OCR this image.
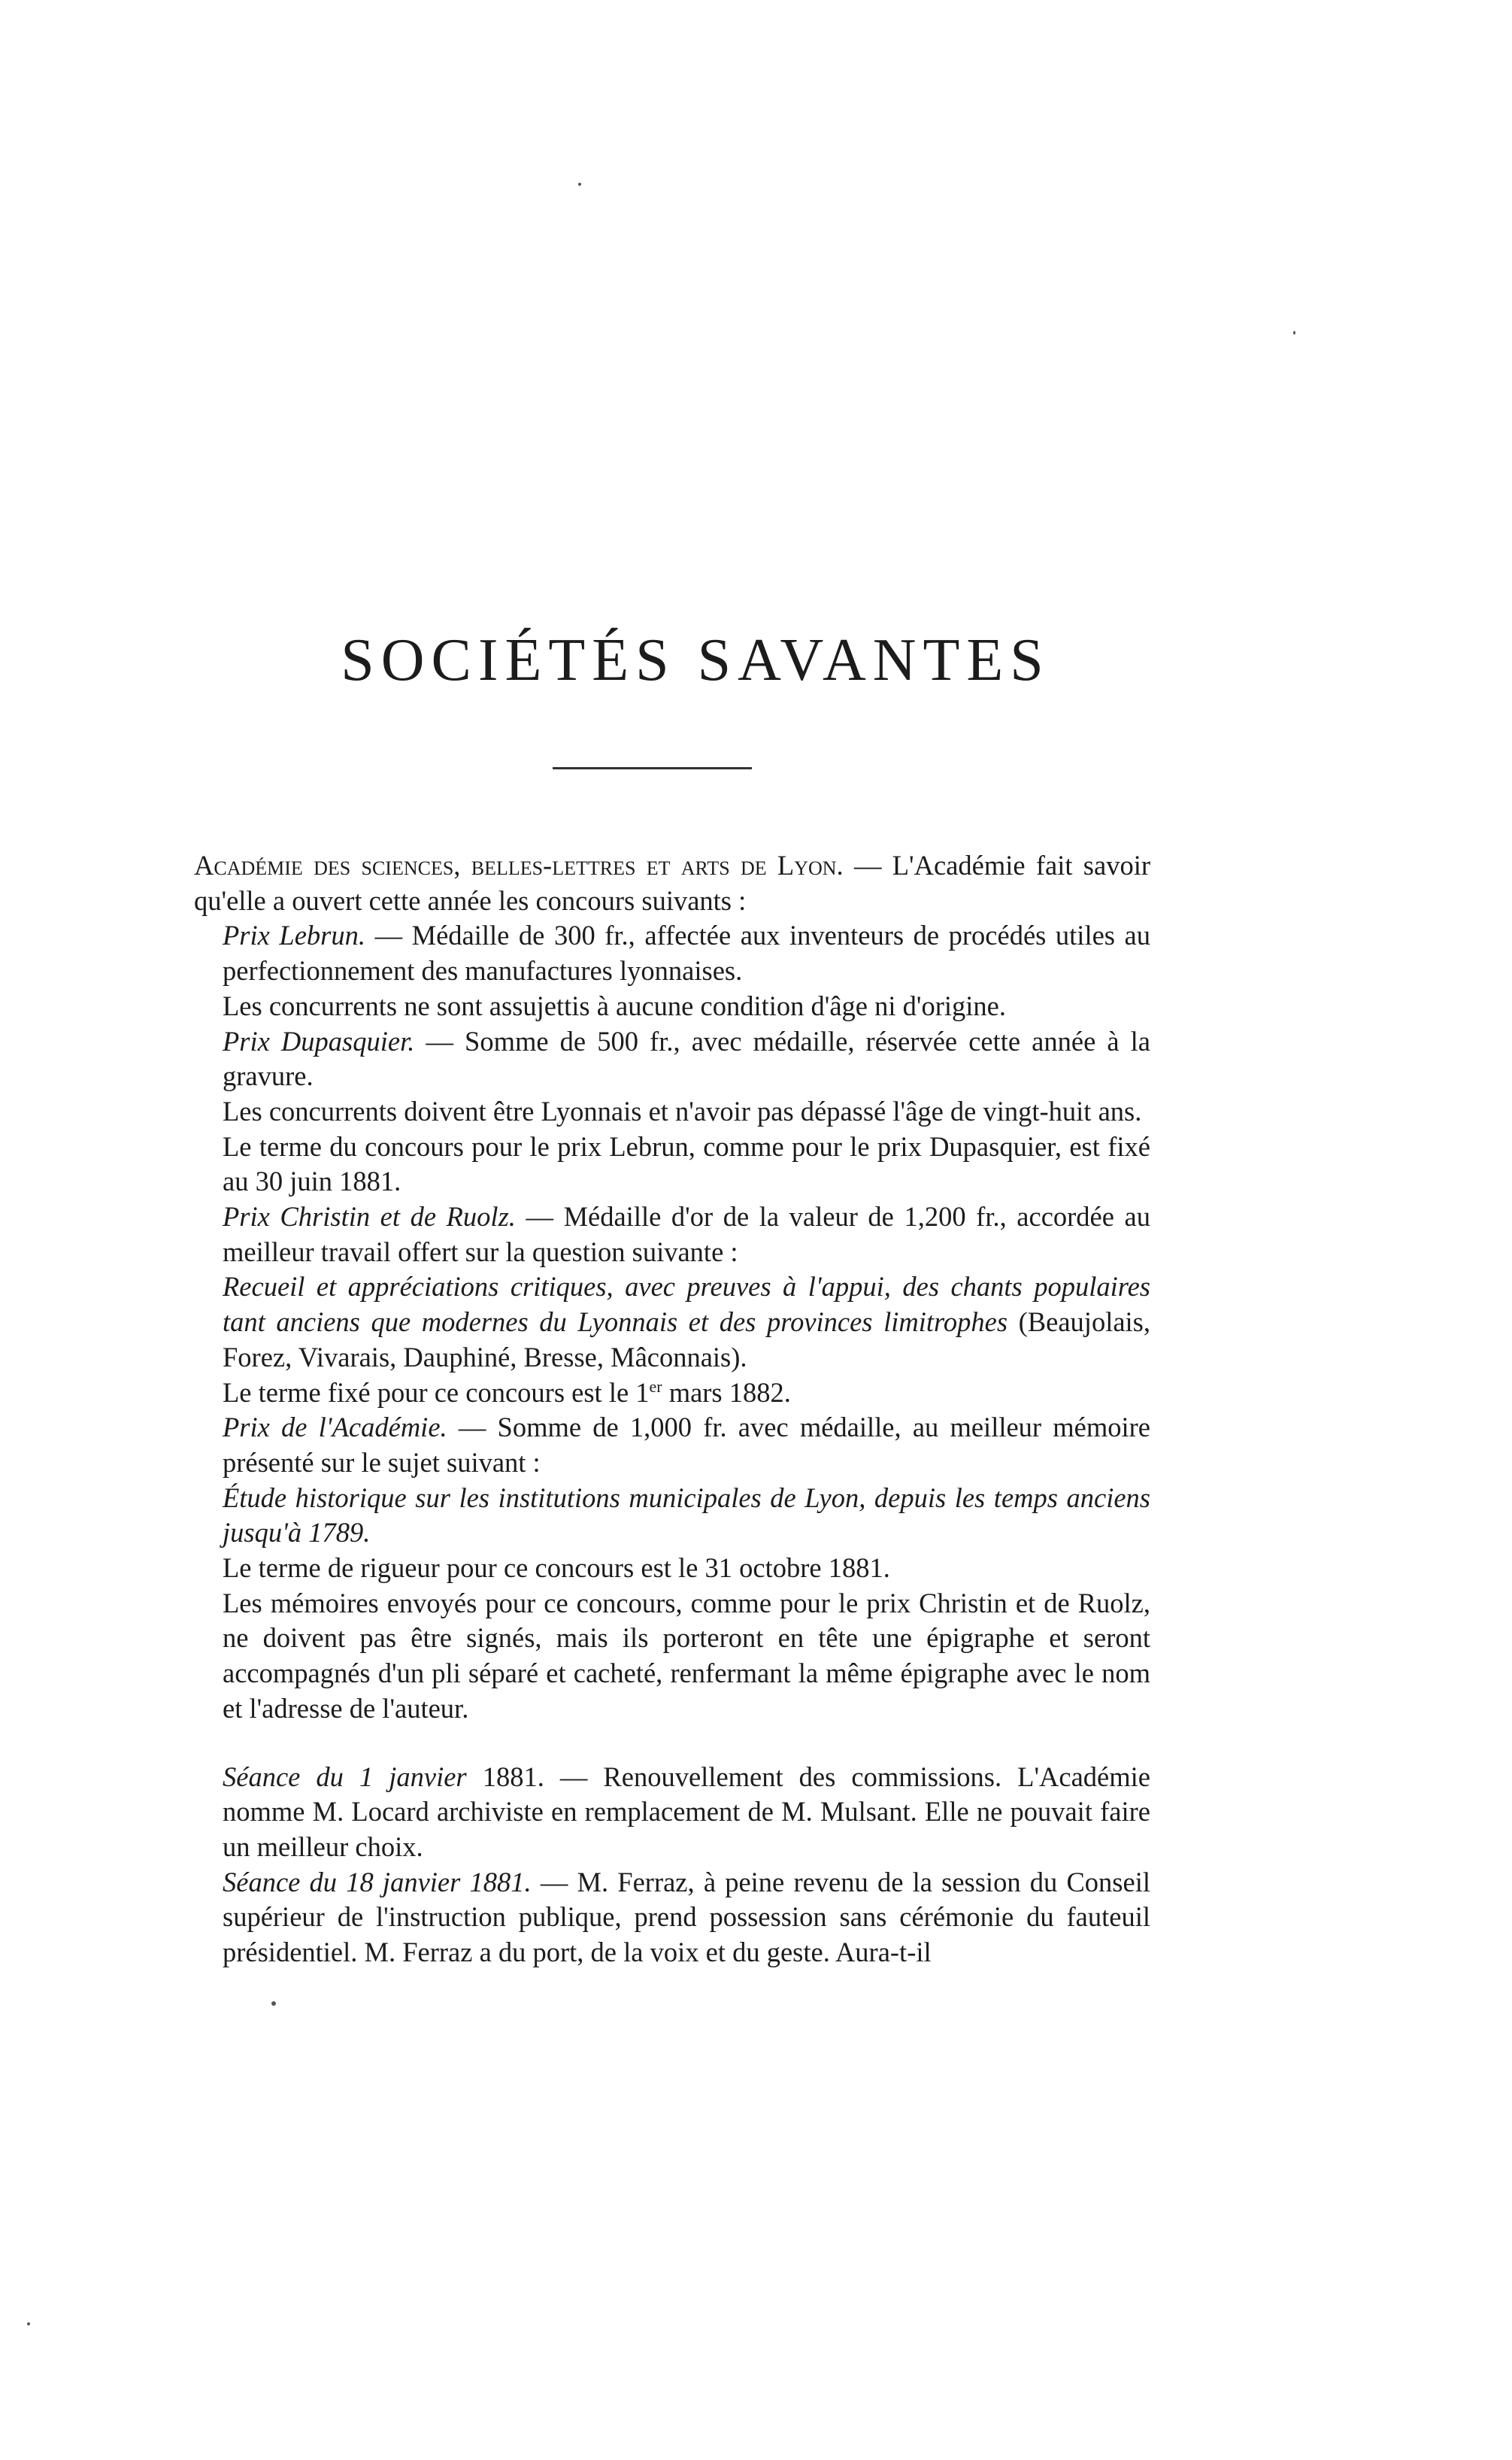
SOCIÉTÉS SAVANTES

Académie des sciences, belles-lettres et arts de Lyon. — L'Académie fait savoir qu'elle a ouvert cette année les concours suivants :

Prix Lebrun. — Médaille de 300 fr., affectée aux inventeurs de procédés utiles au perfectionnement des manufactures lyonnaises.

Les concurrents ne sont assujettis à aucune condition d'âge ni d'origine.

Prix Dupasquier. — Somme de 500 fr., avec médaille, réservée cette année à la gravure.

Les concurrents doivent être Lyonnais et n'avoir pas dépassé l'âge de vingt-huit ans.

Le terme du concours pour le prix Lebrun, comme pour le prix Dupasquier, est fixé au 30 juin 1881.

Prix Christin et de Ruolz. — Médaille d'or de la valeur de 1,200 fr., accordée au meilleur travail offert sur la question suivante :

Recueil et appréciations critiques, avec preuves à l'appui, des chants populaires tant anciens que modernes du Lyonnais et des provinces limitrophes (Beaujolais, Forez, Vivarais, Dauphiné, Bresse, Mâconnais).

Le terme fixé pour ce concours est le 1er mars 1882.

Prix de l'Académie. — Somme de 1,000 fr. avec médaille, au meilleur mémoire présenté sur le sujet suivant :

Étude historique sur les institutions municipales de Lyon, depuis les temps anciens jusqu'à 1789.

Le terme de rigueur pour ce concours est le 31 octobre 1881.

Les mémoires envoyés pour ce concours, comme pour le prix Christin et de Ruolz, ne doivent pas être signés, mais ils porteront en tête une épigraphe et seront accompagnés d'un pli séparé et cacheté, renfermant la même épigraphe avec le nom et l'adresse de l'auteur.

Séance du 1 janvier 1881. — Renouvellement des commissions. L'Académie nomme M. Locard archiviste en remplacement de M. Mulsant. Elle ne pouvait faire un meilleur choix.

Séance du 18 janvier 1881. — M. Ferraz, à peine revenu de la session du Conseil supérieur de l'instruction publique, prend possession sans cérémonie du fauteuil présidentiel. M. Ferraz a du port, de la voix et du geste. Aura-t-il
